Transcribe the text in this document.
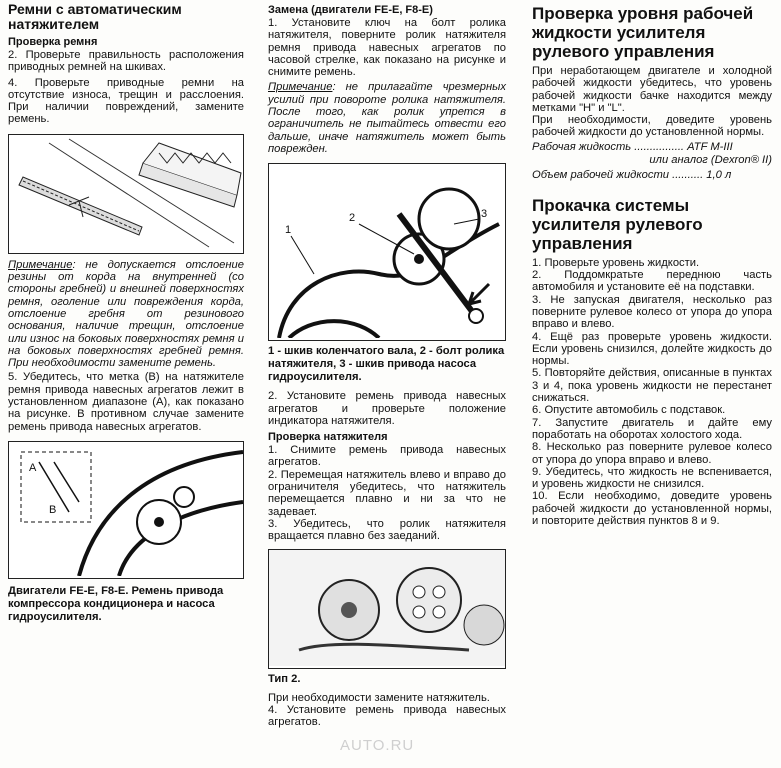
Ремни с автоматическим натяжителем
Проверка ремня

2. Проверьте правильность расположения приводных ремней на шкивах.

4. Проверьте приводные ремни на отсутствие износа, трещин и расслоения. При наличии повреждений, замените ремень.

Примечание: не допускается отслоение резины от корда на внутренней (со стороны гребней) и внешней поверхностях ремня, оголение или повреждения корда, отслоение гребня от резинового основания, наличие трещин, отслоение или износ на боковых поверхностях ремня и на боковых поверхностях гребней ремня. При необходимости замените ремень.

5. Убедитесь, что метка (В) на натяжителе ремня привода навесных агрегатов лежит в установленном диапазоне (А), как показано на рисунке. В противном случае замените ремень привода навесных агрегатов.

A
B
Двигатели FE-E, F8-E. Ремень привода компрессора кондиционера и насоса гидроусилителя.
Замена (двигатели FE-E, F8-E)

1. Установите ключ на болт ролика натяжителя, поверните ролик натяжителя ремня привода навесных агрегатов по часовой стрелке, как показано на рисунке и снимите ремень.

Примечание: не прилагайте чрезмерных усилий при повороте ролика натяжителя. После того, как ролик упрется в ограничитель не пытайтесь отвести его дальше, иначе натяжитель может быть поврежден.

1
2	3
1 - шкив коленчатого вала, 2 - болт ролика натяжителя, 3 - шкив привода насоса гидроусилителя.

2. Установите ремень привода навесных агрегатов и проверьте положение индикатора натяжителя.

Проверка натяжителя

1. Снимите ремень привода навесных агрегатов.

2. Перемещая натяжитель влево и вправо до ограничителя убедитесь, что натяжитель перемещается плавно и ни за что не задевает.

3. Убедитесь, что ролик натяжителя вращается плавно без заеданий.

Тип 2.

При необходимости замените натяжитель.

4. Установите ремень привода навесных агрегатов.

Проверка уровня рабочей жидкости усилителя рулевого управления

При неработающем двигателе и холодной рабочей жидкости убедитесь, что уровень рабочей жидкости бачке находится между метками "H" и "L".

При необходимости, доведите уровень рабочей жидкости до установленной нормы.

Рабочая жидкость ................ ATF M-III
или аналог (Dexron® II)
Объем рабочей жидкости .......... 1,0 л
Прокачка системы усилителя рулевого управления

1. Проверьте уровень жидкости.

2. Поддомкратьте переднюю часть автомобиля и установите её на подставки.

3. Не запуская двигателя, несколько раз поверните рулевое колесо от упора до упора вправо и влево.

4. Ещё раз проверьте уровень жидкости. Если уровень снизился, долейте жидкость до нормы.

5. Повторяйте действия, описанные в пунктах 3 и 4, пока уровень жидкости не перестанет снижаться.

6. Опустите автомобиль с подставок.

7. Запустите двигатель и дайте ему поработать на оборотах холостого хода.

8. Несколько раз поверните рулевое колесо от упора до упора вправо и влево.

9. Убедитесь, что жидкость не вспенивается, и уровень жидкости не снизился.

10. Если необходимо, доведите уровень рабочей жидкости до установленной нормы, и повторите действия пунктов 8 и 9.

AUTO.RU
